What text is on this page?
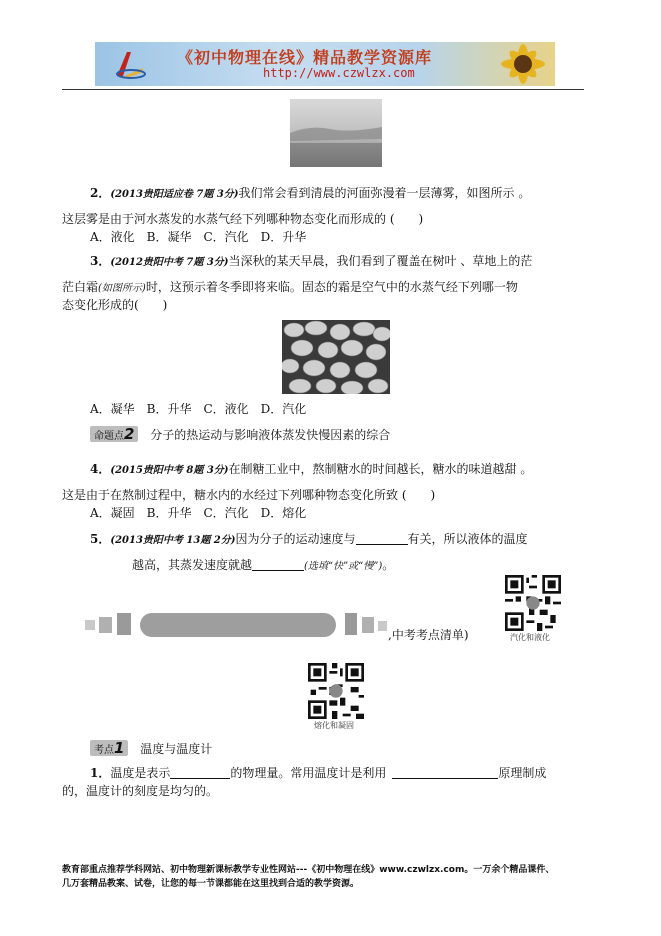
《初中物理在线》精品教学资源库
http://www.czwlzx.com
2．(2013贵阳适应卷 7题 3分)我们常会看到清晨的河面弥漫着一层薄雾，如图所示 。
这层雾是由于河水蒸发的水蒸气经下列哪种物态变化而形成的 (　　)
A．液化　B．凝华　C．汽化　D．升华
3．(2012贵阳中考 7题 3分)当深秋的某天早晨，我们看到了覆盖在树叶 、草地上的茫
茫白霜(如图所示)时，这预示着冬季即将来临。固态的霜是空气中的水蒸气经下列哪一物
态变化形成的(　　)
A．凝华　B．升华　C．液化　D．汽化
命题点2 分子的热运动与影响液体蒸发快慢因素的综合
4．(2015贵阳中考 8题 3分)在制糖工业中，熬制糖水的时间越长，糖水的味道越甜 。
这是由于在熬制过程中，糖水内的水经过下列哪种物态变化所致 (　　)
A．凝固　B．升华　C．汽化　D．熔化
5．(2013贵阳中考 13题 2分)因为分子的运动速度与	有关，所以液体的温度
越高，其蒸发速度就越	(选填“快”或“慢”)。
,中考考点清单)	汽化和液化
熔化和凝固
考点1 温度与温度计
1．温度是表示	的物理量。常用温度计是利用	原理制成
的，温度计的刻度是均匀的。
教育部重点推荐学科网站、初中物理新课标教学专业性网站---《初中物理在线》www.czwlzx.com。一万余个精品课件、
几万套精品教案、试卷，让您的每一节课都能在这里找到合适的教学资源。
